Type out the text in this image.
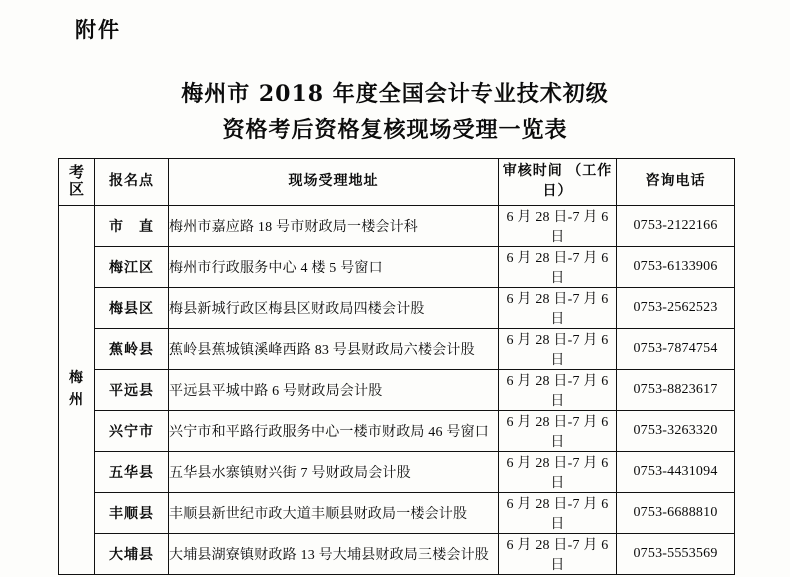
附件
梅州市 2018 年度全国会计专业技术初级
资格考后资格复核现场受理一览表
考区	报名点	现场受理地址	审核时间 （工作日）	咨询电话

梅
州	市　直	梅州市嘉应路 18 号市财政局一楼会计科	6 月 28 日-7 月 6 日	0753-2122166
	梅江区	梅州市行政服务中心 4 楼 5 号窗口	6 月 28 日-7 月 6 日	0753-6133906
	梅县区	梅县新城行政区梅县区财政局四楼会计股	6 月 28 日-7 月 6 日	0753-2562523
	蕉岭县	蕉岭县蕉城镇溪峰西路 83 号县财政局六楼会计股	6 月 28 日-7 月 6 日	0753-7874754
	平远县	平远县平城中路 6 号财政局会计股	6 月 28 日-7 月 6 日	0753-8823617
	兴宁市	兴宁市和平路行政服务中心一楼市财政局 46 号窗口	6 月 28 日-7 月 6 日	0753-3263320
	五华县	五华县水寨镇财兴街 7 号财政局会计股	6 月 28 日-7 月 6 日	0753-4431094
	丰顺县	丰顺县新世纪市政大道丰顺县财政局一楼会计股	6 月 28 日-7 月 6 日	0753-6688810
	大埔县	大埔县湖寮镇财政路 13 号大埔县财政局三楼会计股	6 月 28 日-7 月 6 日	0753-5553569
